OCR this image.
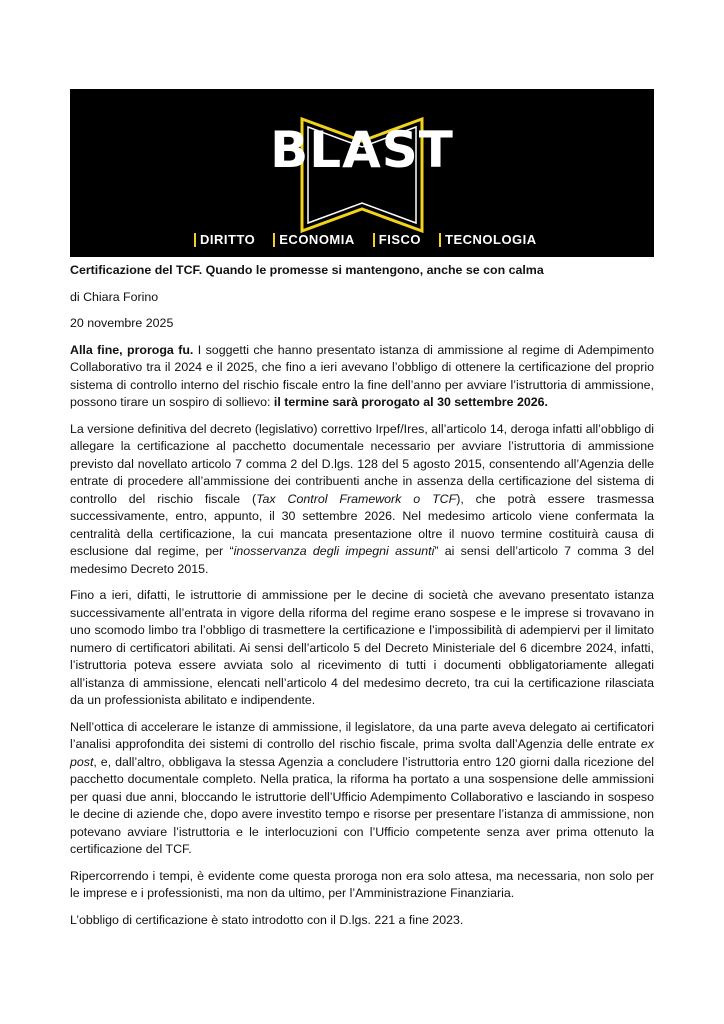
BLAST
direttore
DARIO DEOTTO
DIRITTO	ECONOMIA	FISCO	TECNOLOGIA

Certificazione del TCF. Quando le promesse si mantengono, anche se con calma

di Chiara Forino

20 novembre 2025

Alla fine, proroga fu. I soggetti che hanno presentato istanza di ammissione al regime di Adempimento Collaborativo tra il 2024 e il 2025, che fino a ieri avevano l’obbligo di ottenere la certificazione del proprio sistema di controllo interno del rischio fiscale entro la fine dell’anno per avviare l’istruttoria di ammissione, possono tirare un sospiro di sollievo: il termine sarà prorogato al 30 settembre 2026.

La versione definitiva del decreto (legislativo) correttivo Irpef/Ires, all’articolo 14, deroga infatti all’obbligo di allegare la certificazione al pacchetto documentale necessario per avviare l’istruttoria di ammissione previsto dal novellato articolo 7 comma 2 del D.lgs. 128 del 5 agosto 2015, consentendo all’Agenzia delle entrate di procedere all’ammissione dei contribuenti anche in assenza della certificazione del sistema di controllo del rischio fiscale (Tax Control Framework o TCF), che potrà essere trasmessa successivamente, entro, appunto, il 30 settembre 2026. Nel medesimo articolo viene confermata la centralità della certificazione, la cui mancata presentazione oltre il nuovo termine costituirà causa di esclusione dal regime, per “inosservanza degli impegni assunti” ai sensi dell’articolo 7 comma 3 del medesimo Decreto 2015.

Fino a ieri, difatti, le istruttorie di ammissione per le decine di società che avevano presentato istanza successivamente all’entrata in vigore della riforma del regime erano sospese e le imprese si trovavano in uno scomodo limbo tra l’obbligo di trasmettere la certificazione e l’impossibilità di adempiervi per il limitato numero di certificatori abilitati. Ai sensi dell’articolo 5 del Decreto Ministeriale del 6 dicembre 2024, infatti, l’istruttoria poteva essere avviata solo al ricevimento di tutti i documenti obbligatoriamente allegati all’istanza di ammissione, elencati nell’articolo 4 del medesimo decreto, tra cui la certificazione rilasciata da un professionista abilitato e indipendente.

Nell’ottica di accelerare le istanze di ammissione, il legislatore, da una parte aveva delegato ai certificatori l’analisi approfondita dei sistemi di controllo del rischio fiscale, prima svolta dall’Agenzia delle entrate ex post, e, dall’altro, obbligava la stessa Agenzia a concludere l’istruttoria entro 120 giorni dalla ricezione del pacchetto documentale completo. Nella pratica, la riforma ha portato a una sospensione delle ammissioni per quasi due anni, bloccando le istruttorie dell’Ufficio Adempimento Collaborativo e lasciando in sospeso le decine di aziende che, dopo avere investito tempo e risorse per presentare l’istanza di ammissione, non potevano avviare l’istruttoria e le interlocuzioni con l’Ufficio competente senza aver prima ottenuto la certificazione del TCF.

Ripercorrendo i tempi, è evidente come questa proroga non era solo attesa, ma necessaria, non solo per le imprese e i professionisti, ma non da ultimo, per l’Amministrazione Finanziaria.

L’obbligo di certificazione è stato introdotto con il D.lgs. 221 a fine 2023.
